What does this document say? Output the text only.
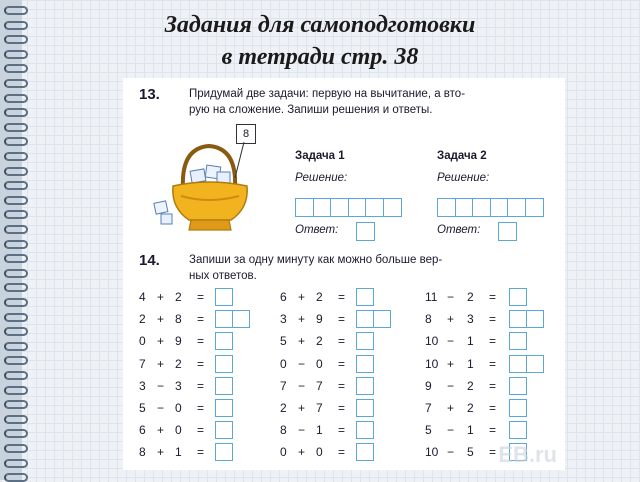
Задания для самоподготовки
в тетради стр. 38
13.	Придумай две задачи: первую на вычитание, а вто-
рую на сложение. Запиши решения и ответы.
8
Задача 1	Задача 2
Решение:	Решение:
Ответ:	Ответ:
14.	Запиши за одну минуту как можно больше вер-
ных ответов.
4 + 2 =
2 + 8 =
0 + 9 =
7 + 2 =
3 − 3 =
5 − 0 =
6 + 0 =
8 + 1 =
6 + 2 =
3 + 9 =
5 + 2 =
0 − 0 =
7 − 7 =
2 + 7 =
8 − 1 =
0 + 0 =
11 − 2 =
8 + 3 =
10 − 1 =
10 + 1 =
9 − 2 =
7 + 2 =
5 − 1 =
10 − 5 = EB.ru
